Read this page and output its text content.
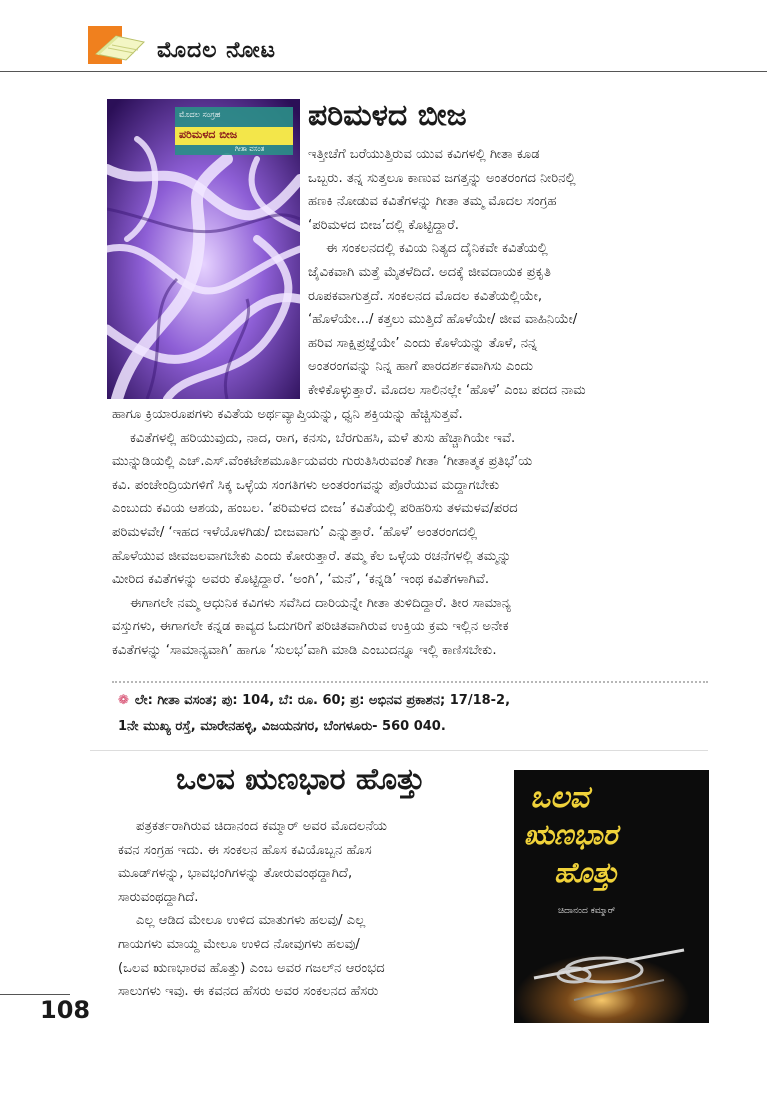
ಮೊದಲ ನೋಟ
ಮೊದಲ ಸಂಗ್ರಹ
ಪರಿಮಳದ ಬೀಜ
ಗೀತಾ ವಸಂತ
ಪರಿಮಳದ ಬೀಜ
ಇತ್ತೀಚೆಗೆ ಬರೆಯುತ್ತಿರುವ ಯುವ ಕವಿಗಳಲ್ಲಿ ಗೀತಾ ಕೂಡ
ಒಬ್ಬರು. ತನ್ನ ಸುತ್ತಲೂ ಕಾಣುವ ಜಗತ್ತನ್ನು ಅಂತರಂಗದ ನೀರಿನಲ್ಲಿ
ಹಣಕಿ ನೋಡುವ ಕವಿತೆಗಳನ್ನು ಗೀತಾ ತಮ್ಮ ಮೊದಲ ಸಂಗ್ರಹ
‘ಪರಿಮಳದ ಬೀಜ’ದಲ್ಲಿ ಕೊಟ್ಟಿದ್ದಾರೆ.
ಈ ಸಂಕಲನದಲ್ಲಿ ಕವಿಯ ನಿತ್ಯದ ದೈನಿಕವೇ ಕವಿತೆಯಲ್ಲಿ
ಜೈವಿಕವಾಗಿ ಮತ್ತೆ ಮೈತಳೆದಿದೆ. ಅದಕ್ಕೆ ಜೀವದಾಯಕ ಪ್ರಕೃತಿ
ರೂಪಕವಾಗುತ್ತದೆ. ಸಂಕಲನದ ಮೊದಲ ಕವಿತೆಯಲ್ಲಿಯೇ,
‘ಹೊಳೆಯೇ.../ ಕತ್ತಲು ಮುತ್ತಿದೆ ಹೊಳೆಯೇ/ ಜೀವ ವಾಹಿನಿಯೇ/
ಹರಿವ ಸಾಕ್ಷಿಪ್ರಜ್ಞೆಯೇ’ ಎಂದು ಕೊಳೆಯನ್ನು ತೊಳೆ, ನನ್ನ
ಅಂತರಂಗವನ್ನು ನಿನ್ನ ಹಾಗೆ ಪಾರದರ್ಶಕವಾಗಿಸು ಎಂದು
ಕೇಳಿಕೊಳ್ಳುತ್ತಾರೆ. ಮೊದಲ ಸಾಲಿನಲ್ಲೇ ‘ಹೊಳೆ’ ಎಂಬ ಪದದ ನಾಮ
ಹಾಗೂ ಕ್ರಿಯಾರೂಪಗಳು ಕವಿತೆಯ ಅರ್ಥವ್ಯಾಪ್ತಿಯನ್ನು, ಧ್ವನಿ ಶಕ್ತಿಯನ್ನು ಹೆಚ್ಚಿಸುತ್ತವೆ.
ಕವಿತೆಗಳಲ್ಲಿ ಹರಿಯುವುದು, ನಾದ, ರಾಗ, ಕನಸು, ಬೆರಗುಹಸಿ, ಮಳೆ ತುಸು ಹೆಚ್ಚಾಗಿಯೇ ಇವೆ.
ಮುನ್ನುಡಿಯಲ್ಲಿ ಎಚ್.ಎಸ್.ವೆಂಕಟೇಶಮೂರ್ತಿಯವರು ಗುರುತಿಸಿರುವಂತೆ ಗೀತಾ ‘ಗೀತಾತ್ಮಕ ಪ್ರತಿಭೆ’ಯ
ಕವಿ. ಪಂಚೇಂದ್ರಿಯಗಳಿಗೆ ಸಿಕ್ಕ ಒಳ್ಳೆಯ ಸಂಗತಿಗಳು ಅಂತರಂಗವನ್ನು ಪೊರೆಯುವ ಮದ್ದಾಗಬೇಕು
ಎಂಬುದು ಕವಿಯ ಆಶಯ, ಹಂಬಲ. ‘ಪರಿಮಳದ ಬೀಜ’ ಕವಿತೆಯಲ್ಲಿ ಪರಿಹರಿಸು ತಳಮಳವ/ಪರದ
ಪರಿಮಳವೇ/ ‘ಇಹದ ಇಳೆಯೊಳಗಿಡು/ ಬೀಜವಾಗು’ ಎನ್ನುತ್ತಾರೆ. ‘ಹೊಳೆ’ ಅಂತರಂಗದಲ್ಲಿ
ಹೊಳೆಯುವ ಜೀವಜಲವಾಗಬೇಕು ಎಂದು ಕೋರುತ್ತಾರೆ. ತಮ್ಮ ಕೆಲ ಒಳ್ಳೆಯ ರಚನೆಗಳಲ್ಲಿ ತಮ್ಮನ್ನು
ಮೀರಿದ ಕವಿತೆಗಳನ್ನು ಅವರು ಕೊಟ್ಟಿದ್ದಾರೆ. ‘ಅಂಗಿ’, ‘ಮನೆ’, ‘ಕನ್ನಡಿ’ ಇಂಥ ಕವಿತೆಗಳಾಗಿವೆ.
ಈಗಾಗಲೇ ನಮ್ಮ ಆಧುನಿಕ ಕವಿಗಳು ಸವೆಸಿದ ದಾರಿಯನ್ನೇ ಗೀತಾ ತುಳಿದಿದ್ದಾರೆ. ತೀರ ಸಾಮಾನ್ಯ
ವಸ್ತುಗಳು, ಈಗಾಗಲೇ ಕನ್ನಡ ಕಾವ್ಯದ ಓದುಗರಿಗೆ ಪರಿಚಿತವಾಗಿರುವ ಉಕ್ತಿಯ ಕ್ರಮ ಇಲ್ಲಿನ ಅನೇಕ
ಕವಿತೆಗಳನ್ನು ‘ಸಾಮಾನ್ಯವಾಗಿ’ ಹಾಗೂ ‘ಸುಲಭ’ವಾಗಿ ಮಾಡಿ ಎಂಬುದನ್ನೂ ಇಲ್ಲಿ ಕಾಣಿಸಬೇಕು.
❁ ಲೇ: ಗೀತಾ ವಸಂತ; ಪು: 104, ಬೆ: ರೂ. 60; ಪ್ರ: ಅಭಿನವ ಪ್ರಕಾಶನ; 17/18-2,
1ನೇ ಮುಖ್ಯ ರಸ್ತೆ, ಮಾರೇನಹಳ್ಳಿ, ವಿಜಯನಗರ, ಬೆಂಗಳೂರು- 560 040.
ಒಲವ ಋಣಭಾರ ಹೊತ್ತು
ಒಲವ
ಋಣಭಾರ
ಹೊತ್ತು
ಚಿದಾನಂದ ಕಮ್ಮಾರ್
ಪತ್ರಕರ್ತರಾಗಿರುವ ಚಿದಾನಂದ ಕಮ್ಮಾರ್ ಅವರ ಮೊದಲನೆಯ
ಕವನ ಸಂಗ್ರಹ ಇದು. ಈ ಸಂಕಲನ ಹೊಸ ಕವಿಯೊಬ್ಬನ ಹೊಸ
ಮೂಡ್‌ಗಳನ್ನು, ಭಾವಭಂಗಿಗಳನ್ನು ತೋರುವಂಥದ್ದಾಗಿದೆ,
ಸಾರುವಂಥದ್ದಾಗಿದೆ.
ಎಲ್ಲ ಆಡಿದ ಮೇಲೂ ಉಳಿದ ಮಾತುಗಳು ಹಲವು/ ಎಲ್ಲ
ಗಾಯಗಳು ಮಾಯ್ದ ಮೇಲೂ ಉಳಿದ ನೋವುಗಳು ಹಲವು/
(ಒಲವ ಋಣಭಾರವ ಹೊತ್ತು) ಎಂಬ ಅವರ ಗಜಲ್‌ನ ಆರಂಭದ
ಸಾಲುಗಳು ಇವು. ಈ ಕವನದ ಹೆಸರು ಅವರ ಸಂಕಲನದ ಹೆಸರು
108
